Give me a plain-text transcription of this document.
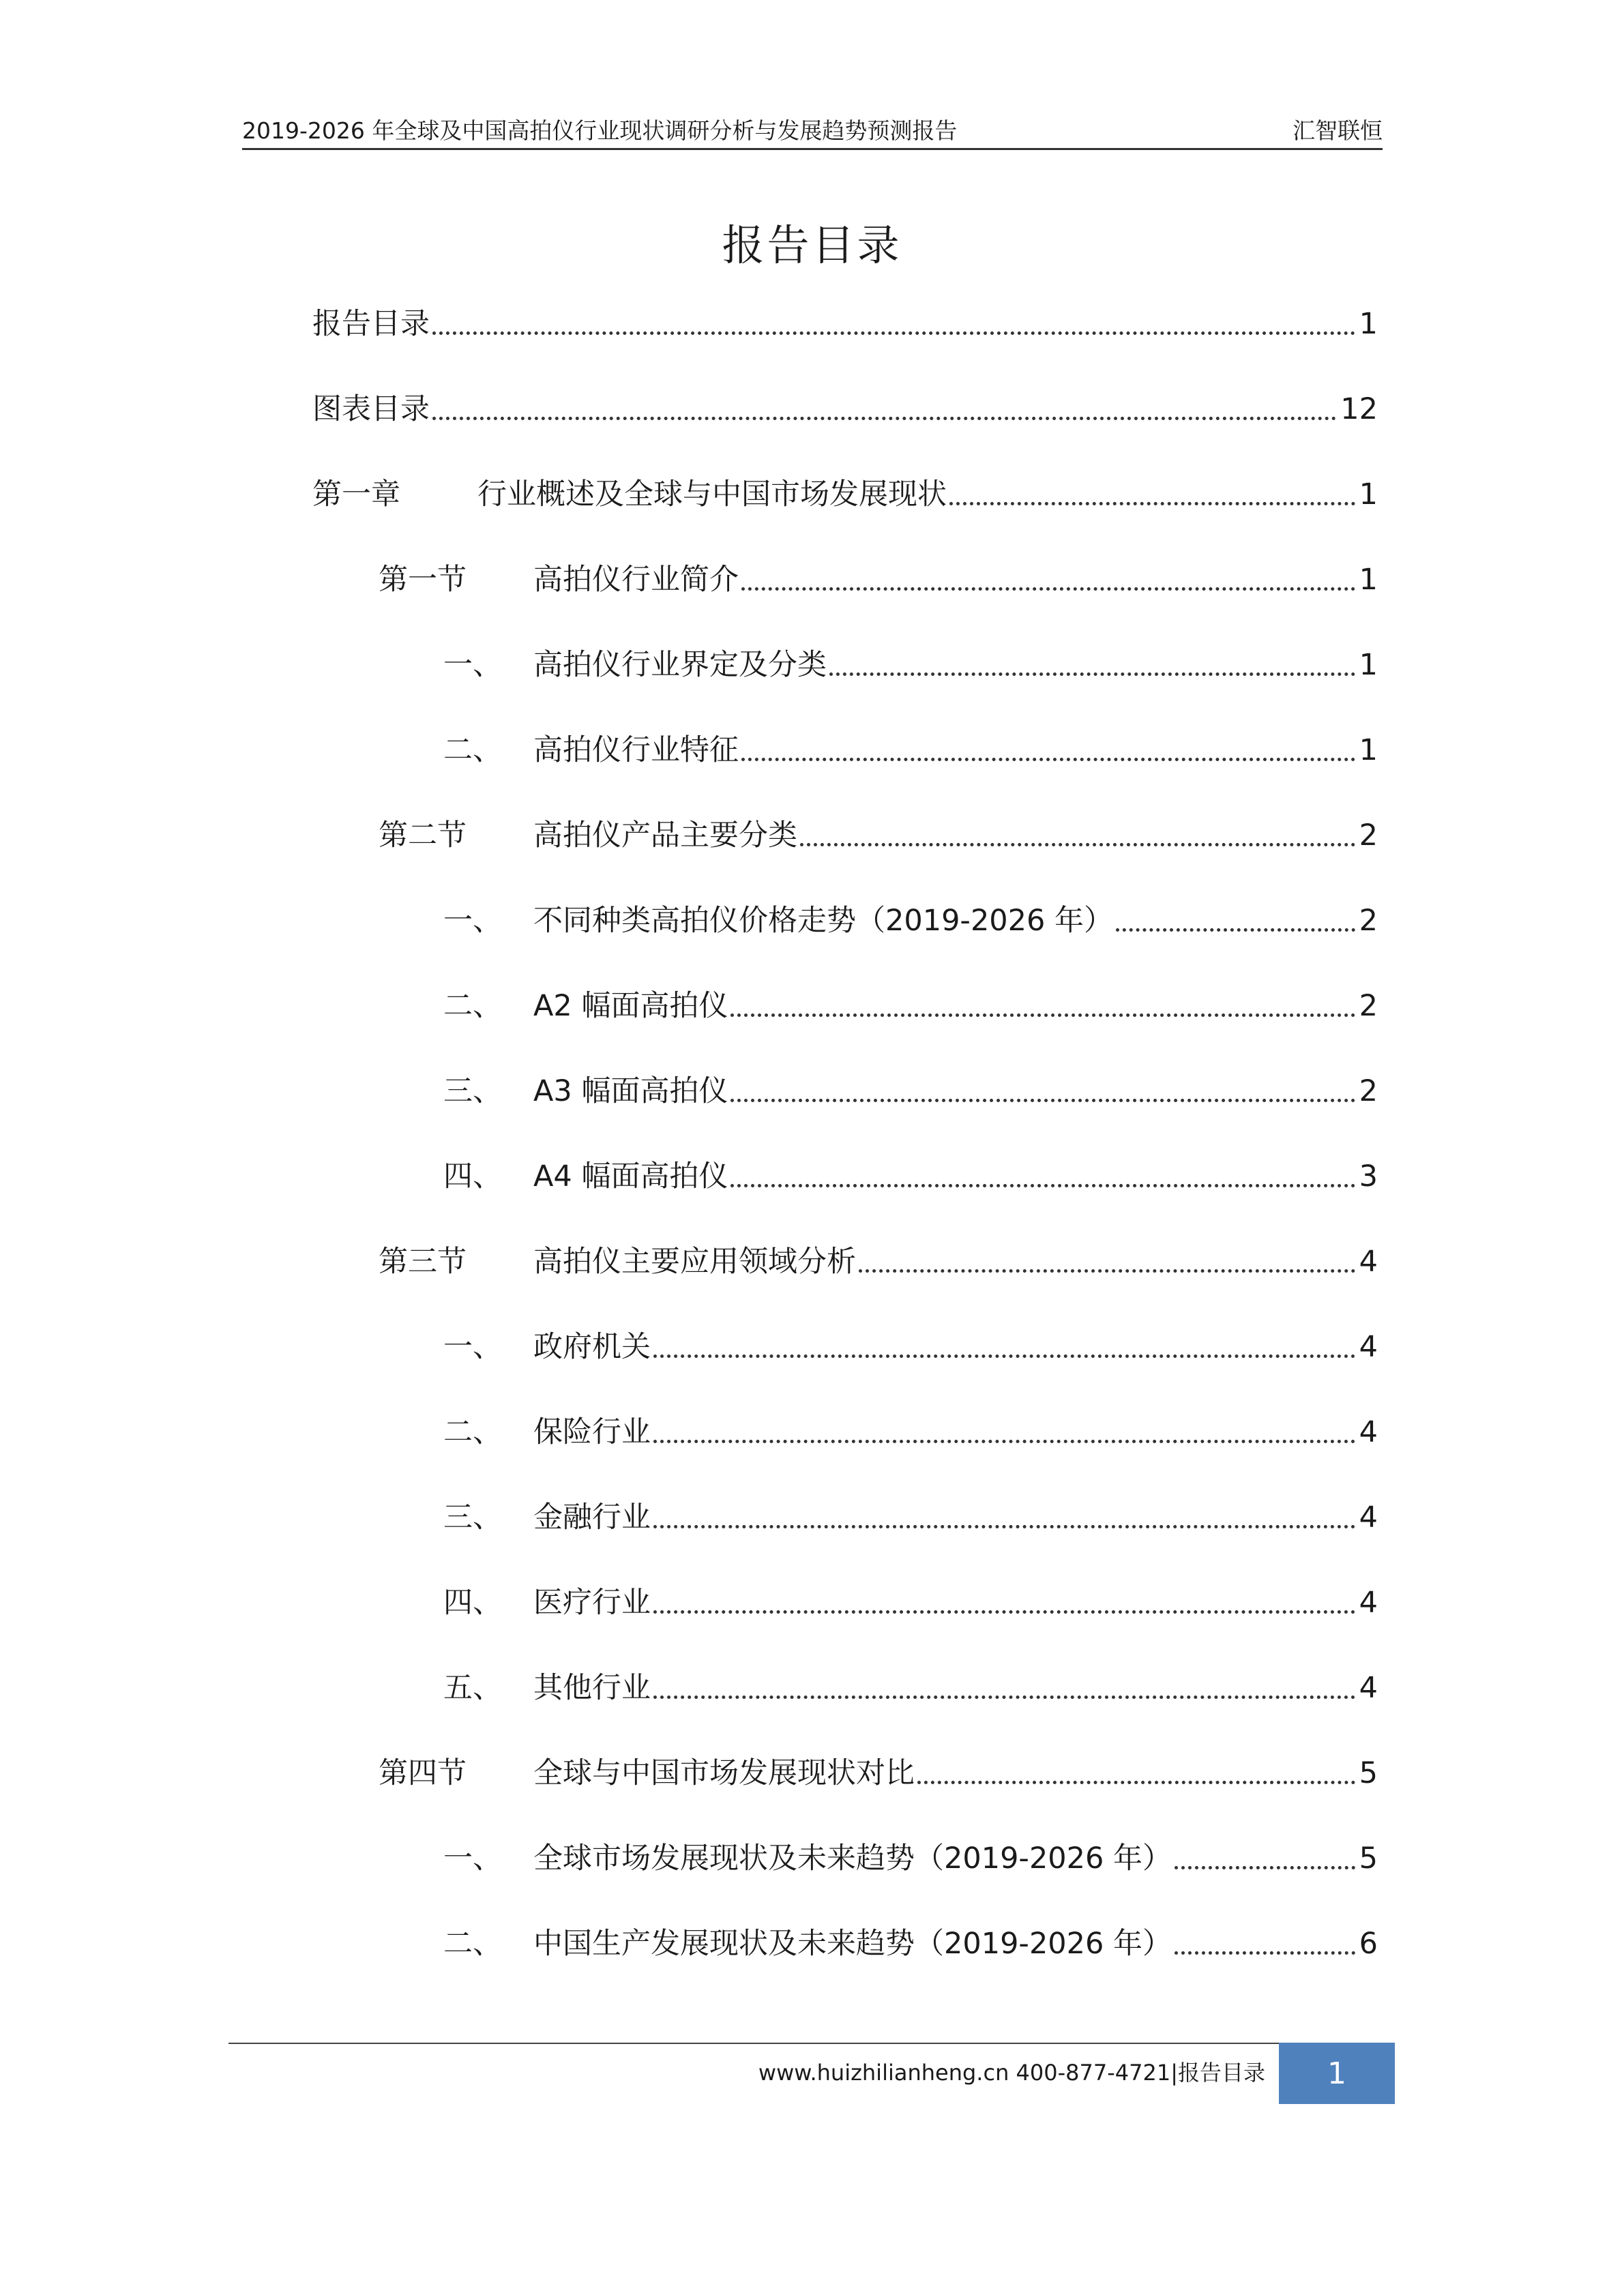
2019-2026 年全球及中国高拍仪行业现状调研分析与发展趋势预测报告	汇智联恒
报告目录
报告目录	1
图表目录	12
第一章	行业概述及全球与中国市场发展现状	1
第一节 高拍仪行业简介	1
一、 高拍仪行业界定及分类	1
二、 高拍仪行业特征	1
第二节 高拍仪产品主要分类	2
一、 不同种类高拍仪价格走势（2019-2026 年）	2
二、 A2 幅面高拍仪	2
三、 A3 幅面高拍仪	2
四、 A4 幅面高拍仪	3
第三节 高拍仪主要应用领域分析	4
一、 政府机关	4
二、 保险行业	4
三、 金融行业	4
四、 医疗行业	4
五、 其他行业	4
第四节 全球与中国市场发展现状对比	5
一、 全球市场发展现状及未来趋势（2019-2026 年）	5
二、 中国生产发展现状及未来趋势（2019-2026 年）	6
www.huizhilianheng.cn 400-877-4721|报告目录 1
